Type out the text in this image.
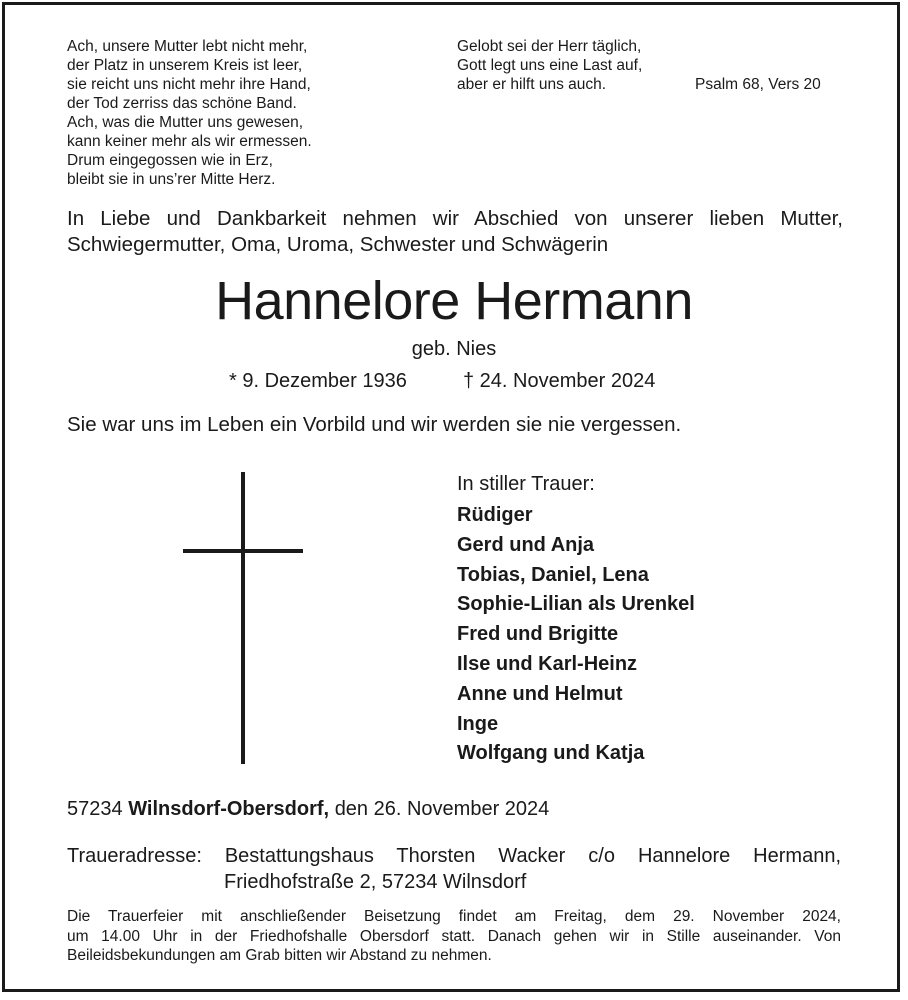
Ach, unsere Mutter lebt nicht mehr,
der Platz in unserem Kreis ist leer,
sie reicht uns nicht mehr ihre Hand,
der Tod zerriss das schöne Band.
Ach, was die Mutter uns gewesen,
kann keiner mehr als wir ermessen.
Drum eingegossen wie in Erz,
bleibt sie in uns’rer Mitte Herz.
Gelobt sei der Herr täglich,
Gott legt uns eine Last auf,
aber er hilft uns auch.	Psalm 68, Vers 20
In Liebe und Dankbarkeit nehmen wir Abschied von unserer lieben Mutter,
Schwiegermutter, Oma, Uroma, Schwester und Schwägerin
Hannelore Hermann
geb. Nies
* 9. Dezember 1936	† 24. November 2024
Sie war uns im Leben ein Vorbild und wir werden sie nie vergessen.
In stiller Trauer:
Rüdiger
Gerd und Anja
Tobias, Daniel, Lena
Sophie-Lilian als Urenkel
Fred und Brigitte
Ilse und Karl-Heinz
Anne und Helmut
Inge
Wolfgang und Katja
57234 Wilnsdorf-Obersdorf, den 26. November 2024
Traueradresse: Bestattungshaus Thorsten Wacker c/o Hannelore Hermann,
Friedhofstraße 2, 57234 Wilnsdorf
Die Trauerfeier mit anschließender Beisetzung findet am Freitag, dem 29. November 2024,
um 14.00 Uhr in der Friedhofshalle Obersdorf statt. Danach gehen wir in Stille auseinander. Von
Beileidsbekundungen am Grab bitten wir Abstand zu nehmen.
